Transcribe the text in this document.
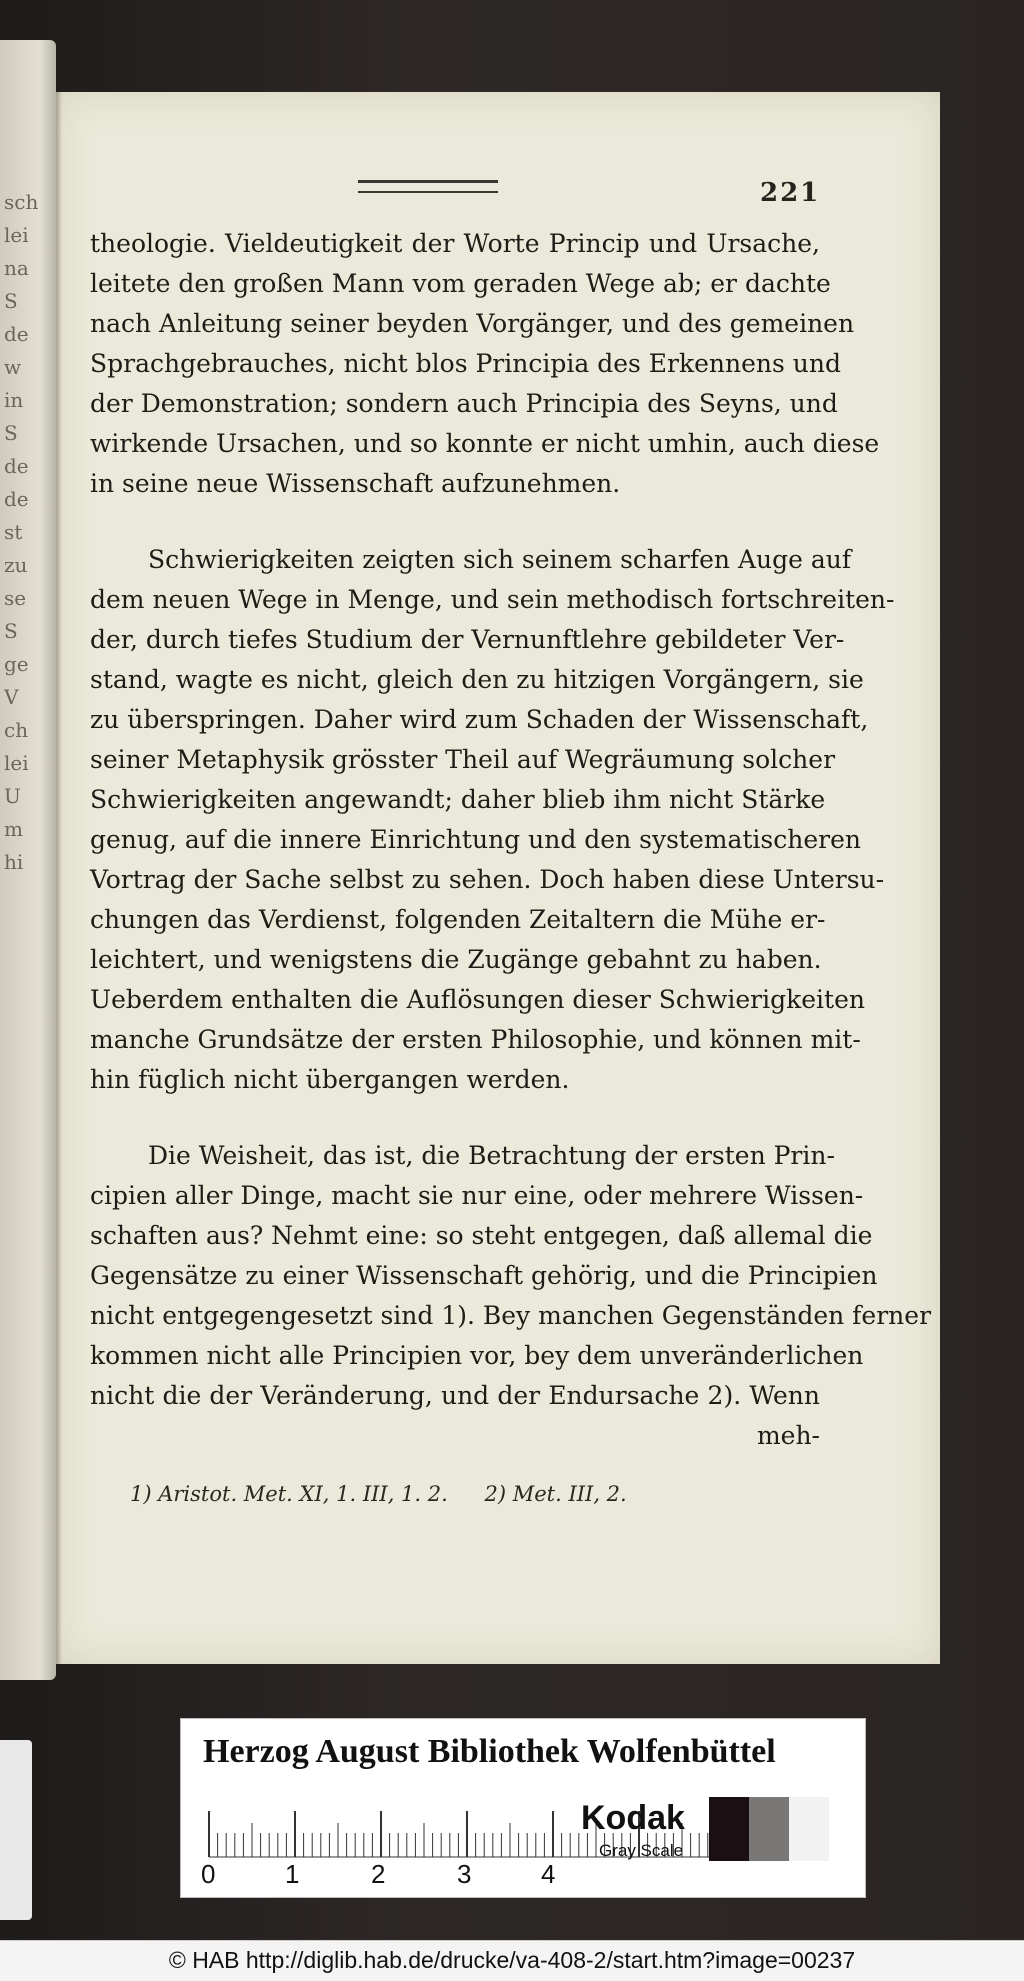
sch
lei
na
S
de
w
in
S
de
de
st
zu
se
S
ge
V
ch
lei
U
m
hi
221
theologie. Vieldeutigkeit der Worte Princip und Ursache,
leitete den großen Mann vom geraden Wege ab; er dachte
nach Anleitung seiner beyden Vorgänger, und des gemeinen
Sprachgebrauches, nicht blos Principia des Erkennens und
der Demonstration; sondern auch Principia des Seyns, und
wirkende Ursachen, und so konnte er nicht umhin, auch diese
in seine neue Wissenschaft aufzunehmen.
Schwierigkeiten zeigten sich seinem scharfen Auge auf
dem neuen Wege in Menge, und sein methodisch fortschreiten-
der, durch tiefes Studium der Vernunftlehre gebildeter Ver-
stand, wagte es nicht, gleich den zu hitzigen Vorgängern, sie
zu überspringen. Daher wird zum Schaden der Wissenschaft,
seiner Metaphysik grösster Theil auf Wegräumung solcher
Schwierigkeiten angewandt; daher blieb ihm nicht Stärke
genug, auf die innere Einrichtung und den systematischeren
Vortrag der Sache selbst zu sehen. Doch haben diese Untersu-
chungen das Verdienst, folgenden Zeitaltern die Mühe er-
leichtert, und wenigstens die Zugänge gebahnt zu haben.
Ueberdem enthalten die Auflösungen dieser Schwierigkeiten
manche Grundsätze der ersten Philosophie, und können mit-
hin füglich nicht übergangen werden.
Die Weisheit, das ist, die Betrachtung der ersten Prin-
cipien aller Dinge, macht sie nur eine, oder mehrere Wissen-
schaften aus? Nehmt eine: so steht entgegen, daß allemal die
Gegensätze zu einer Wissenschaft gehörig, und die Principien
nicht entgegengesetzt sind 1). Bey manchen Gegenständen ferner
kommen nicht alle Principien vor, bey dem unveränderlichen
nicht die der Veränderung, und der Endursache 2). Wenn
meh-
1) Aristot. Met. XI, 1. III, 1. 2. 2) Met. III, 2.
Herzog August Bibliothek Wolfenbüttel
0	1	2	3	4
Kodak
Gray Scale
© HAB http://diglib.hab.de/drucke/va-408-2/start.htm?image=00237
